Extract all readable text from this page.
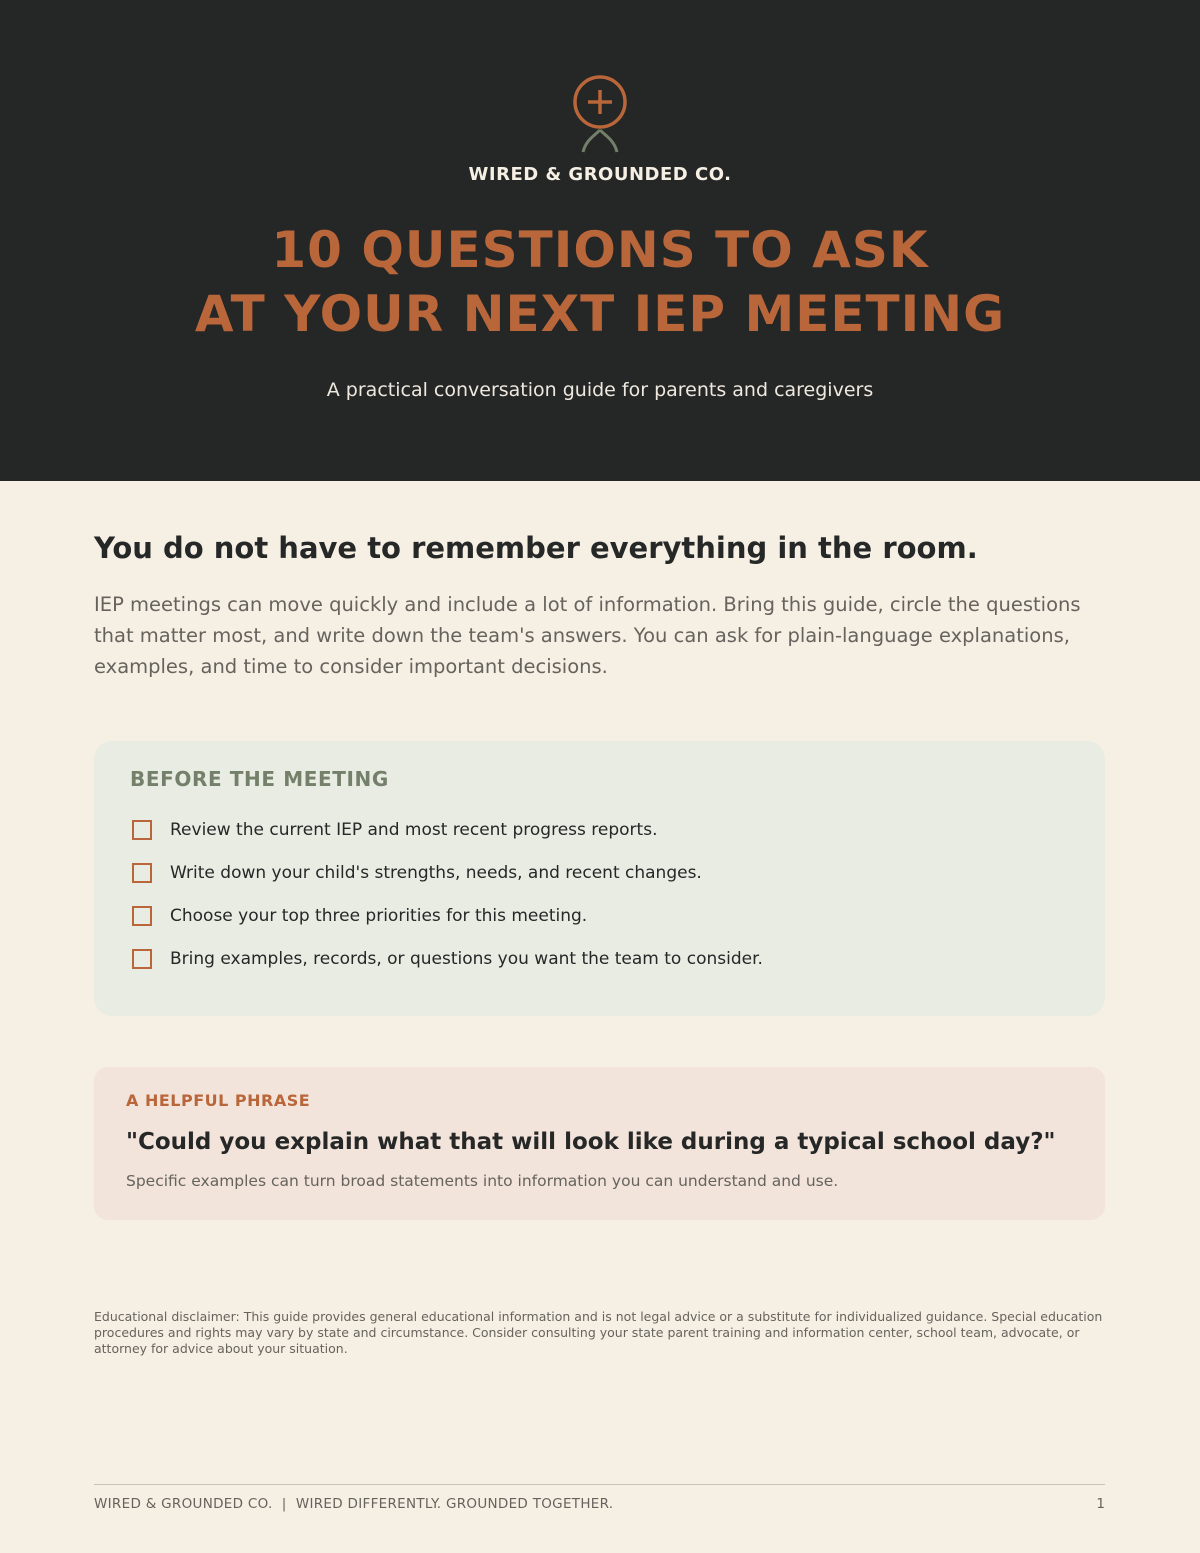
WIRED & GROUNDED CO.
10 QUESTIONS TO ASK
AT YOUR NEXT IEP MEETING
A practical conversation guide for parents and caregivers
You do not have to remember everything in the room.

IEP meetings can move quickly and include a lot of information. Bring this guide, circle the questions that matter most, and write down the team's answers. You can ask for plain-language explanations, examples, and time to consider important decisions.

BEFORE THE MEETING
Review the current IEP and most recent progress reports.
Write down your child's strengths, needs, and recent changes.
Choose your top three priorities for this meeting.
Bring examples, records, or questions you want the team to consider.
A HELPFUL PHRASE
"Could you explain what that will look like during a typical school day?"
Specific examples can turn broad statements into information you can understand and use.

Educational disclaimer: This guide provides general educational information and is not legal advice or a substitute for individualized guidance. Special education procedures and rights may vary by state and circumstance. Consider consulting your state parent training and information center, school team, advocate, or attorney for advice about your situation.

WIRED & GROUNDED CO.  |  WIRED DIFFERENTLY. GROUNDED TOGETHER.	1
